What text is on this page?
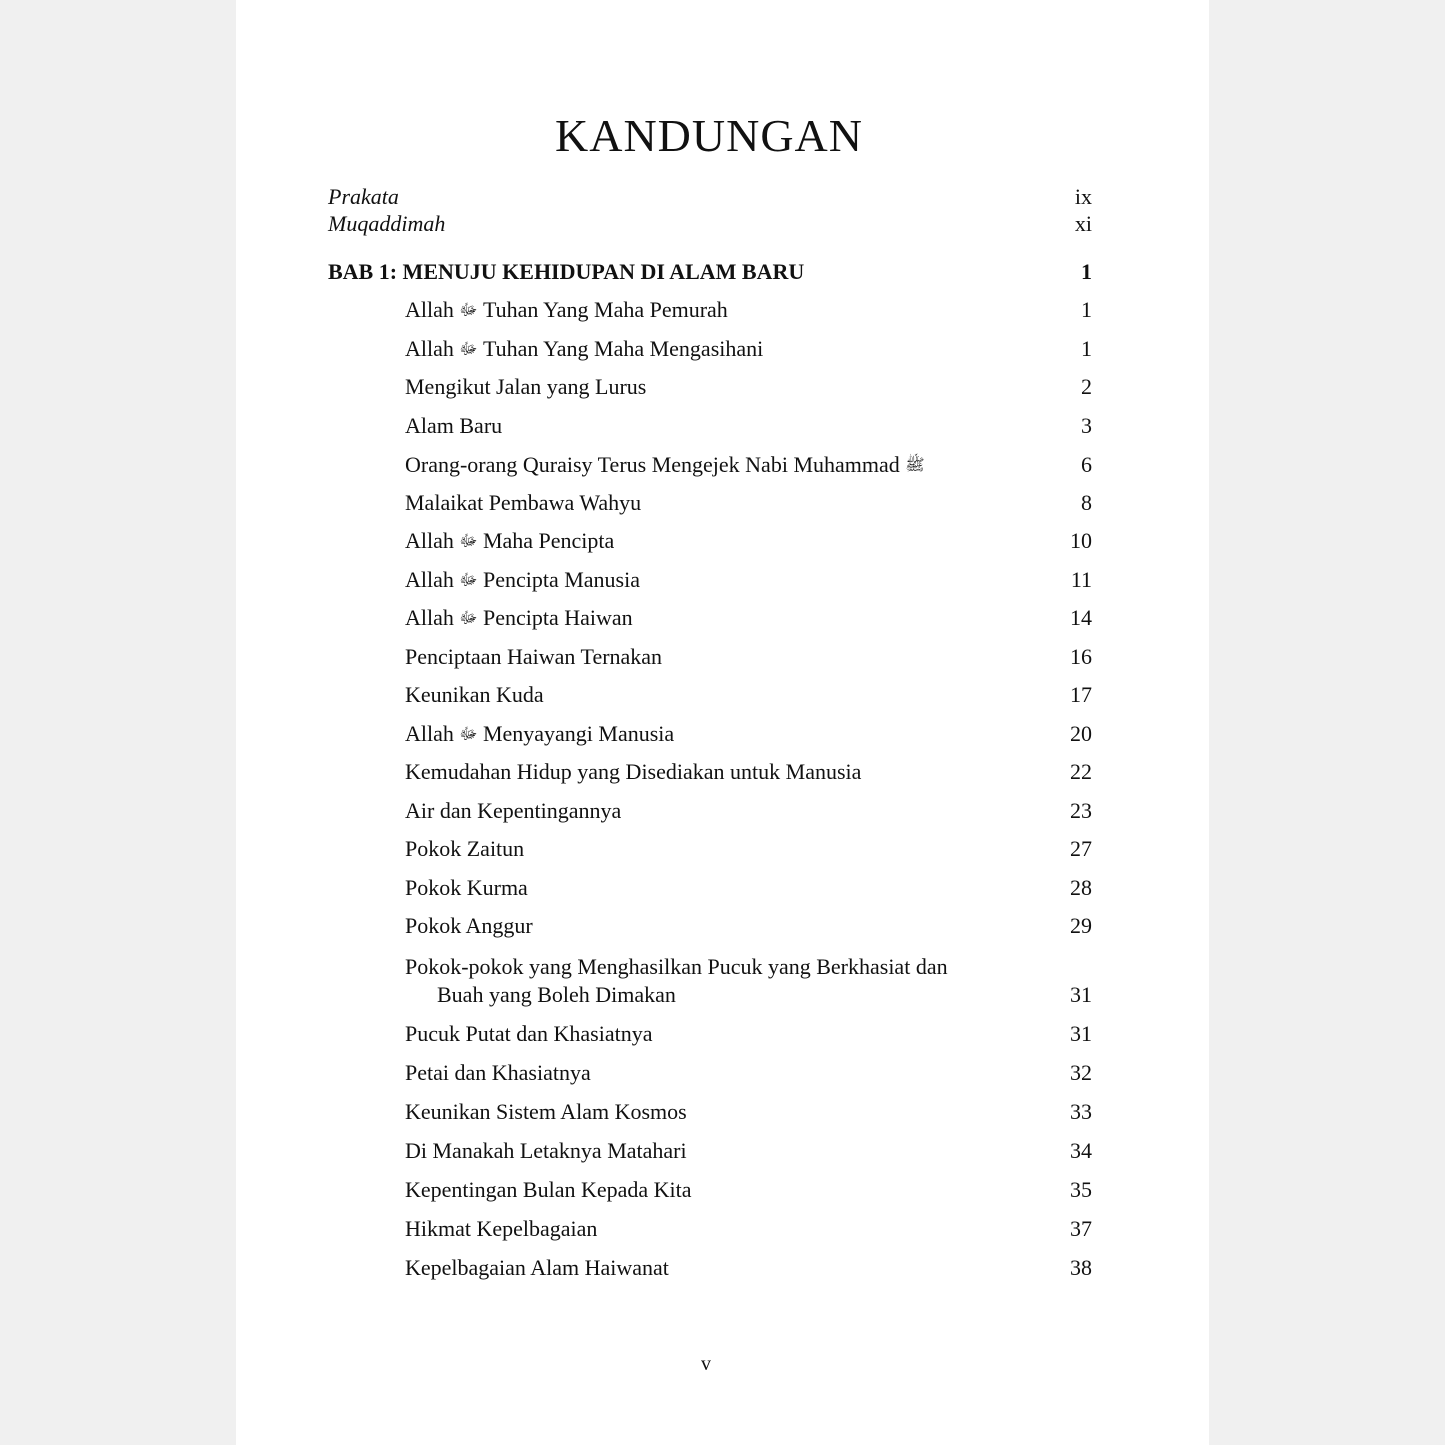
KANDUNGAN
Prakata	ix
Muqaddimah	xi
BAB 1: MENUJU KEHIDUPAN DI ALAM BARU	1
Allah ﷻ Tuhan Yang Maha Pemurah	1
Allah ﷻ Tuhan Yang Maha Mengasihani	1
Mengikut Jalan yang Lurus	2
Alam Baru	3
Orang-orang Quraisy Terus Mengejek Nabi Muhammad ﷺ	6
Malaikat Pembawa Wahyu	8
Allah ﷻ Maha Pencipta	10
Allah ﷻ Pencipta Manusia	11
Allah ﷻ Pencipta Haiwan	14
Penciptaan Haiwan Ternakan	16
Keunikan Kuda	17
Allah ﷻ Menyayangi Manusia	20
Kemudahan Hidup yang Disediakan untuk Manusia	22
Air dan Kepentingannya	23
Pokok Zaitun	27
Pokok Kurma	28
Pokok Anggur	29
Pokok-pokok yang Menghasilkan Pucuk yang Berkhasiat dan
Buah yang Boleh Dimakan	31
Pucuk Putat dan Khasiatnya	31
Petai dan Khasiatnya	32
Keunikan Sistem Alam Kosmos	33
Di Manakah Letaknya Matahari	34
Kepentingan Bulan Kepada Kita	35
Hikmat Kepelbagaian	37
Kepelbagaian Alam Haiwanat	38
v
